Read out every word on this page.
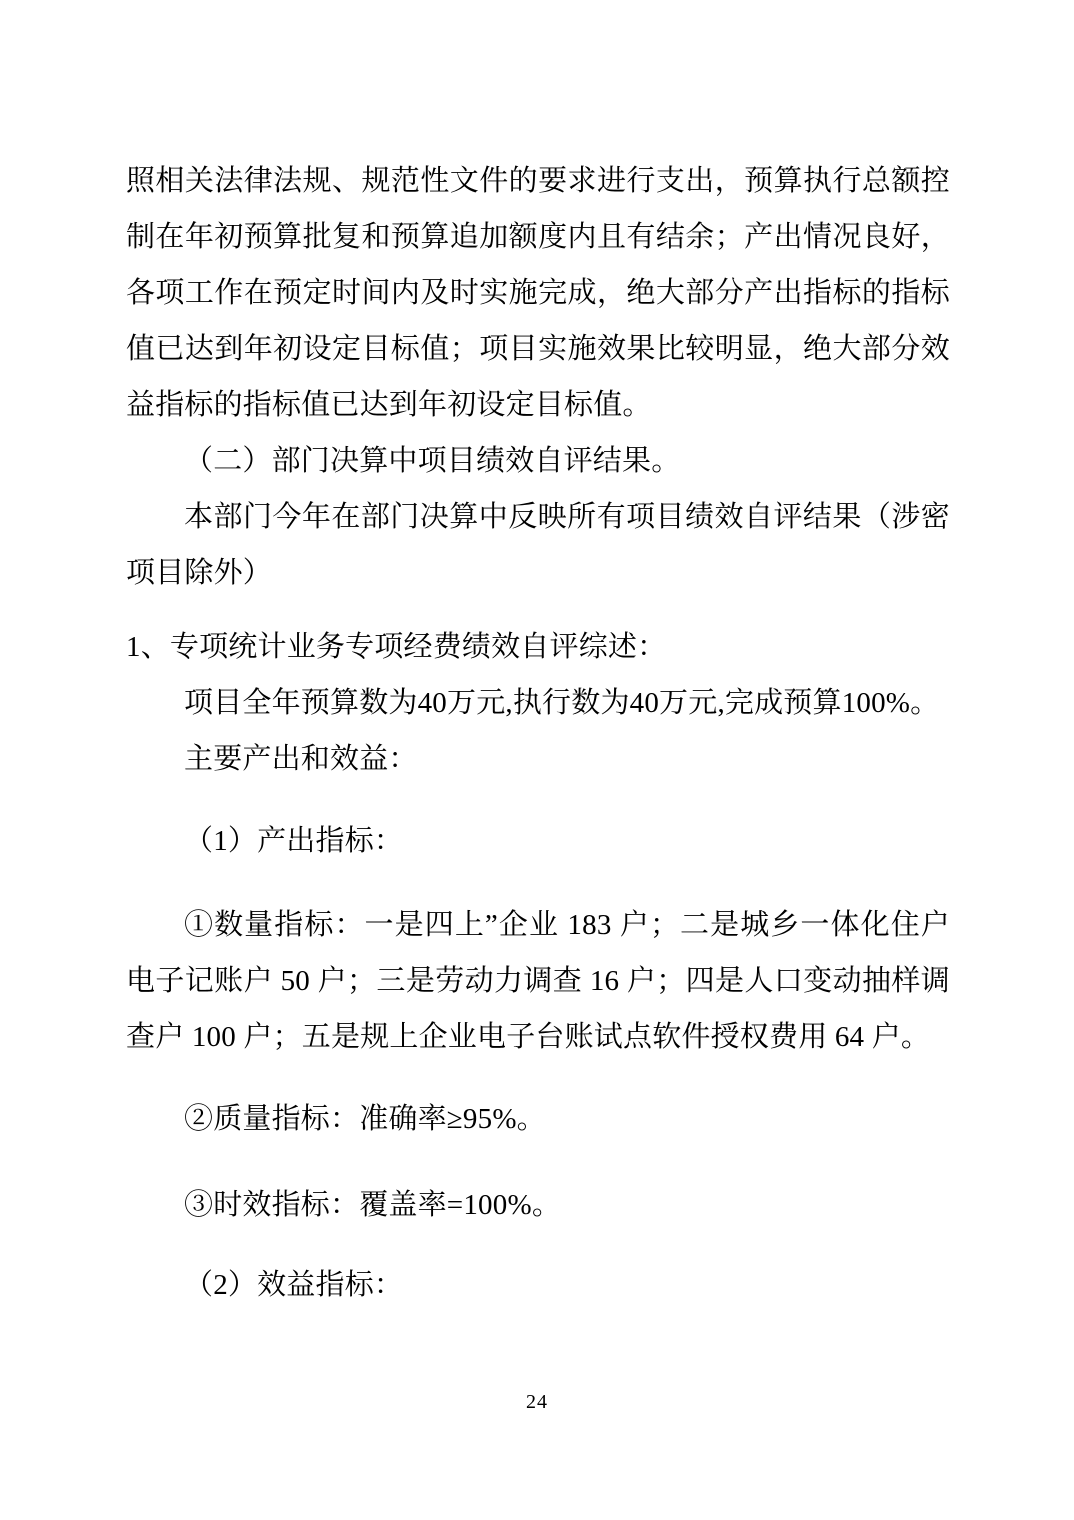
照相关法律法规、规范性文件的要求进行支出，预算执行总额控制在年初预算批复和预算追加额度内且有结余；产出情况良好，各项工作在预定时间内及时实施完成，绝大部分产出指标的指标值已达到年初设定目标值；项目实施效果比较明显，绝大部分效益指标的指标值已达到年初设定目标值。

（二）部门决算中项目绩效自评结果。

本部门今年在部门决算中反映所有项目绩效自评结果（涉密项目除外）

1、专项统计业务专项经费绩效自评综述：

项目全年预算数为40万元,执行数为40万元,完成预算100%。

主要产出和效益：

（1）产出指标：

①数量指标：一是四上”企业 183 户；二是城乡一体化住户电子记账户 50 户；三是劳动力调查 16 户；四是人口变动抽样调查户 100 户；五是规上企业电子台账试点软件授权费用 64 户。

②质量指标：准确率≥95%。

③时效指标：覆盖率=100%。

（2）效益指标：

24
